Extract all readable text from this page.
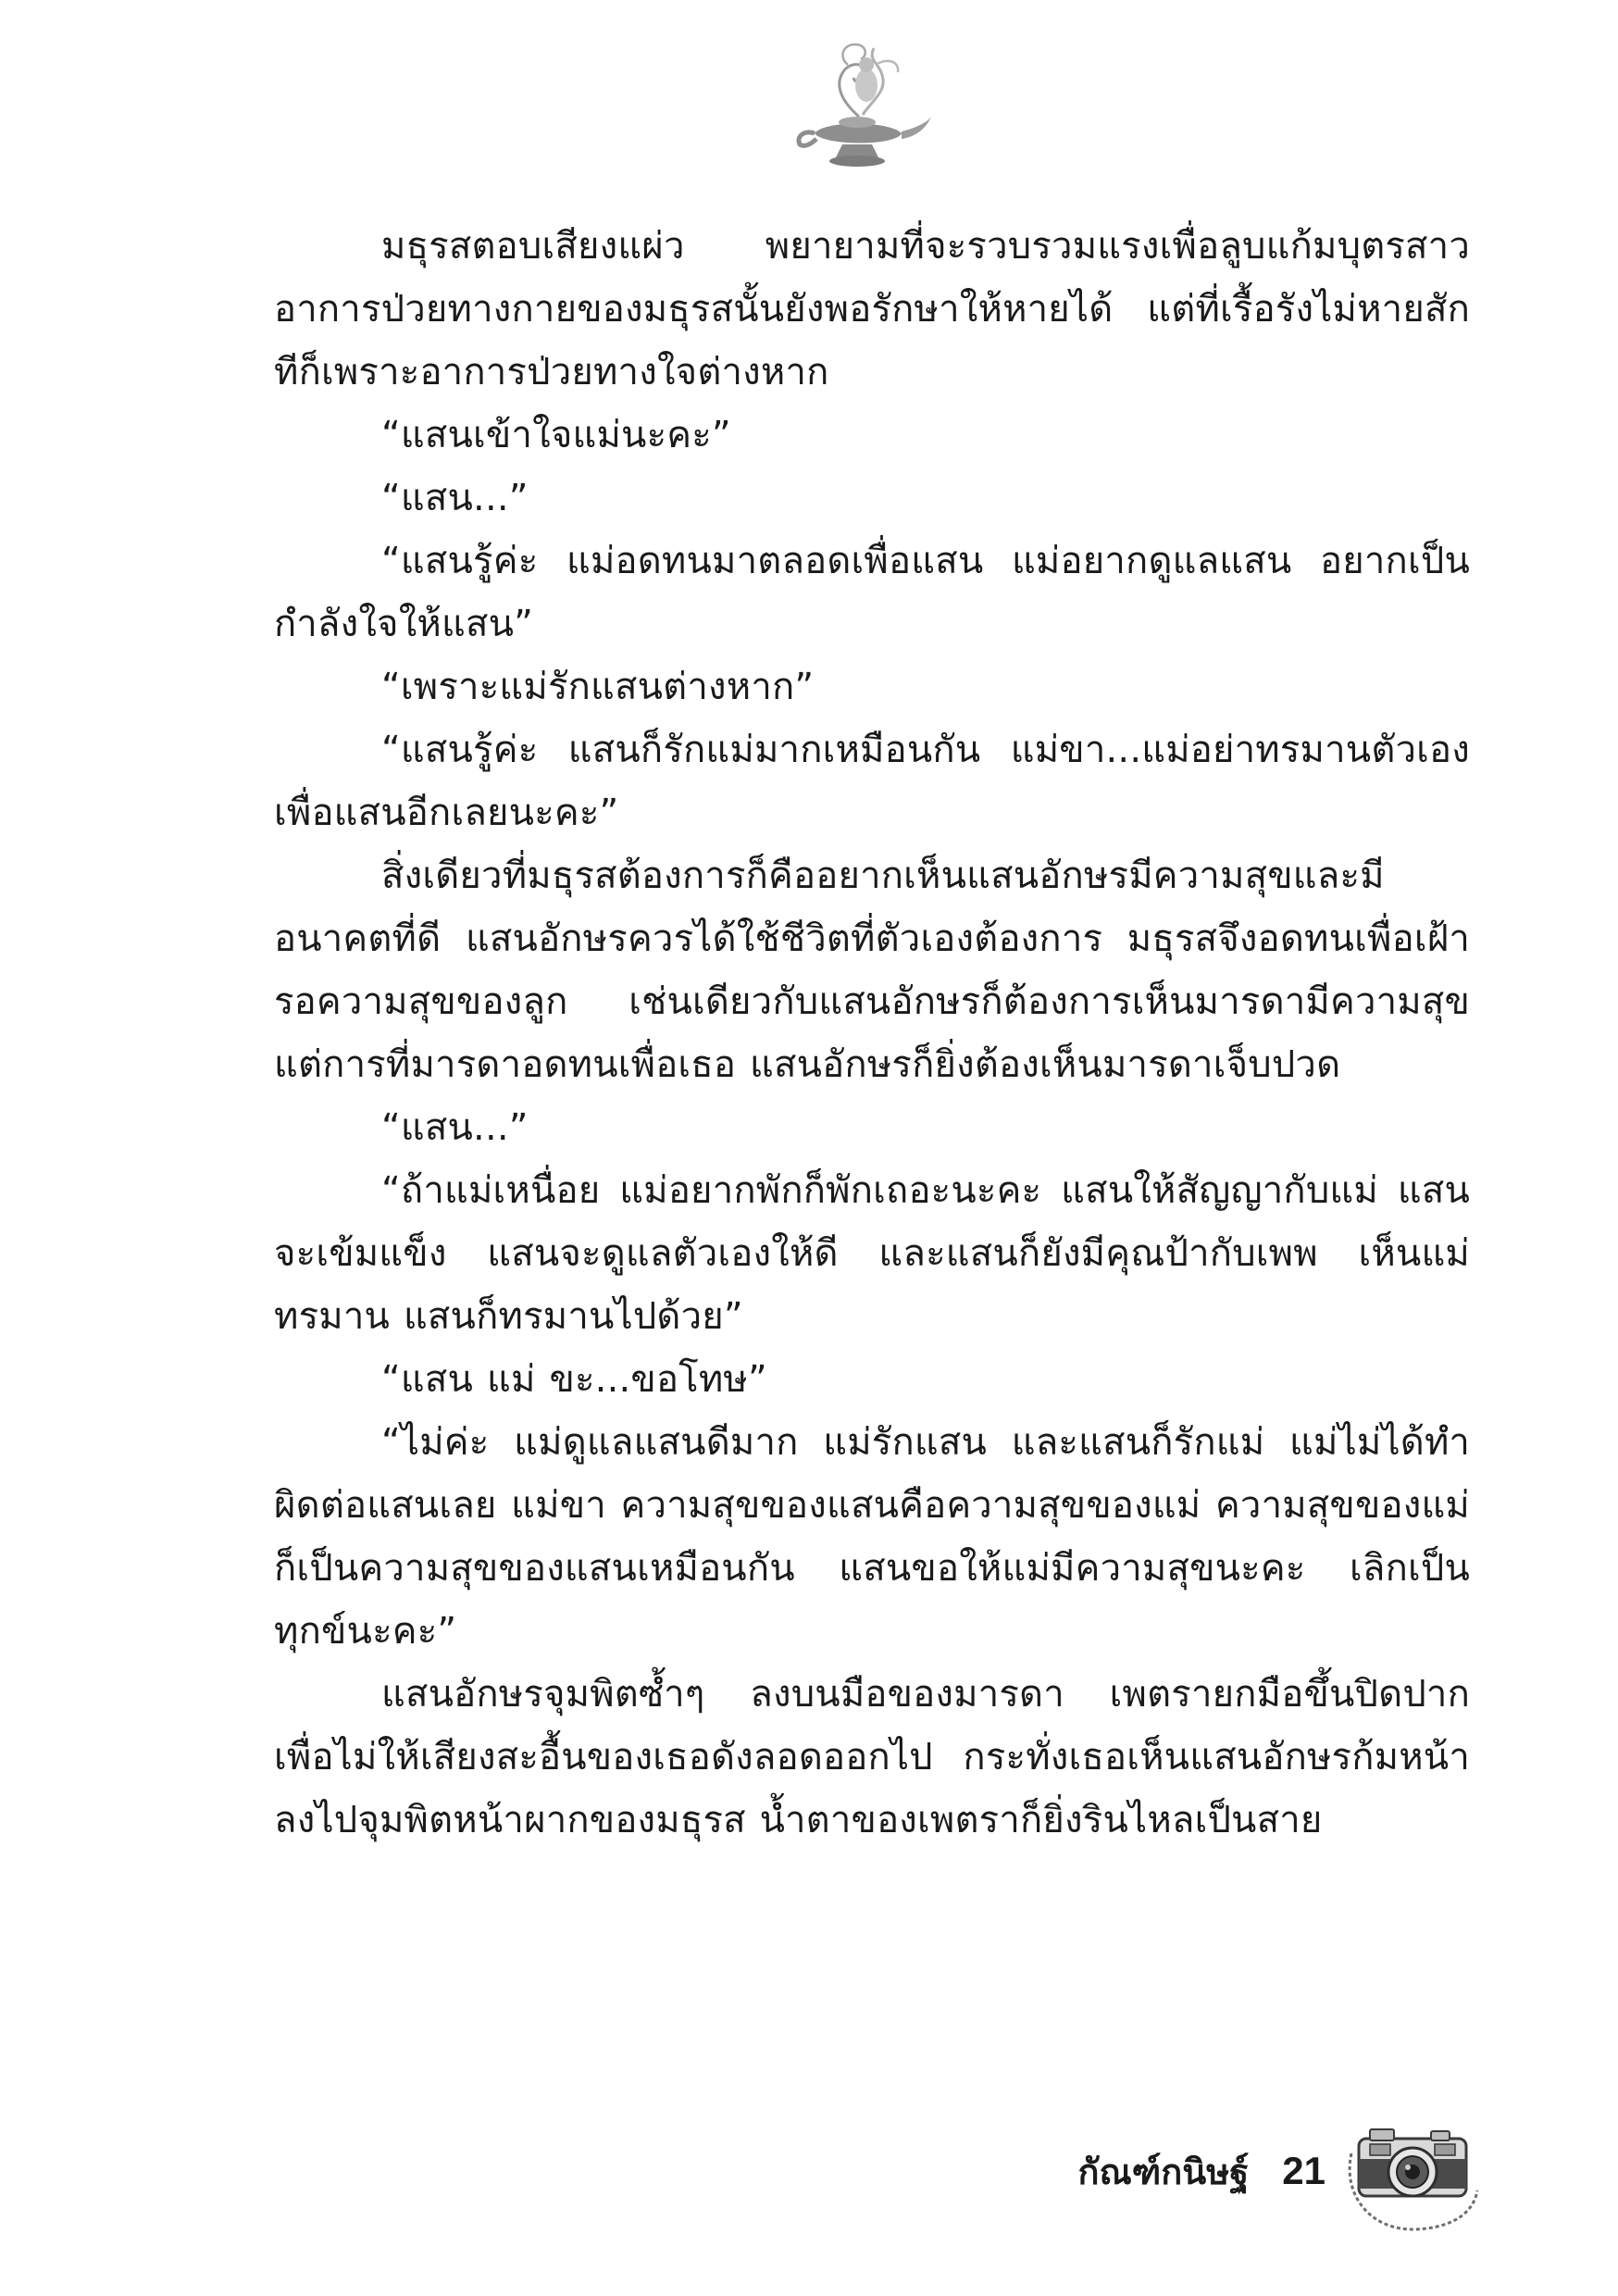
มธุรสตอบเสียงแผ่ว พยายามที่จะรวบรวมแรงเพื่อลูบแก้มบุตรสาว อาการป่วยทางกายของมธุรสนั้นยังพอรักษาให้หายได้ แต่ที่เรื้อรังไม่หายสักทีก็เพราะอาการป่วยทางใจต่างหาก

“แสนเข้าใจแม่นะคะ”

“แสน...”

“แสนรู้ค่ะ แม่อดทนมาตลอดเพื่อแสน แม่อยากดูแลแสน อยากเป็นกำลังใจให้แสน”

“เพราะแม่รักแสนต่างหาก”

“แสนรู้ค่ะ แสนก็รักแม่มากเหมือนกัน แม่ขา...แม่อย่าทรมานตัวเองเพื่อแสนอีกเลยนะคะ”

สิ่งเดียวที่มธุรสต้องการก็คืออยากเห็นแสนอักษรมีความสุขและมีอนาคตที่ดี แสนอักษรควรได้ใช้ชีวิตที่ตัวเองต้องการ มธุรสจึงอดทนเพื่อเฝ้ารอความสุขของลูก เช่นเดียวกับแสนอักษรก็ต้องการเห็นมารดามีความสุข แต่การที่มารดาอดทนเพื่อเธอ แสนอักษรก็ยิ่งต้องเห็นมารดาเจ็บปวด

“แสน...”

“ถ้าแม่เหนื่อย แม่อยากพักก็พักเถอะนะคะ แสนให้สัญญากับแม่ แสนจะเข้มแข็ง แสนจะดูแลตัวเองให้ดี และแสนก็ยังมีคุณป้ากับเพพ เห็นแม่ทรมาน แสนก็ทรมานไปด้วย”

“แสน แม่ ขะ...ขอโทษ”

“ไม่ค่ะ แม่ดูแลแสนดีมาก แม่รักแสน และแสนก็รักแม่ แม่ไม่ได้ทำผิดต่อแสนเลย แม่ขา ความสุขของแสนคือความสุขของแม่ ความสุขของแม่ก็เป็นความสุขของแสนเหมือนกัน แสนขอให้แม่มีความสุขนะคะ เลิกเป็นทุกข์นะคะ”

แสนอักษรจุมพิตซ้ำๆ ลงบนมือของมารดา เพตรายกมือขึ้นปิดปาก เพื่อไม่ให้เสียงสะอื้นของเธอดังลอดออกไป กระทั่งเธอเห็นแสนอักษรก้มหน้าลงไปจุมพิตหน้าผากของมธุรส น้ำตาของเพตราก็ยิ่งรินไหลเป็นสาย

กัณฑ์กนิษฐ์ 21
